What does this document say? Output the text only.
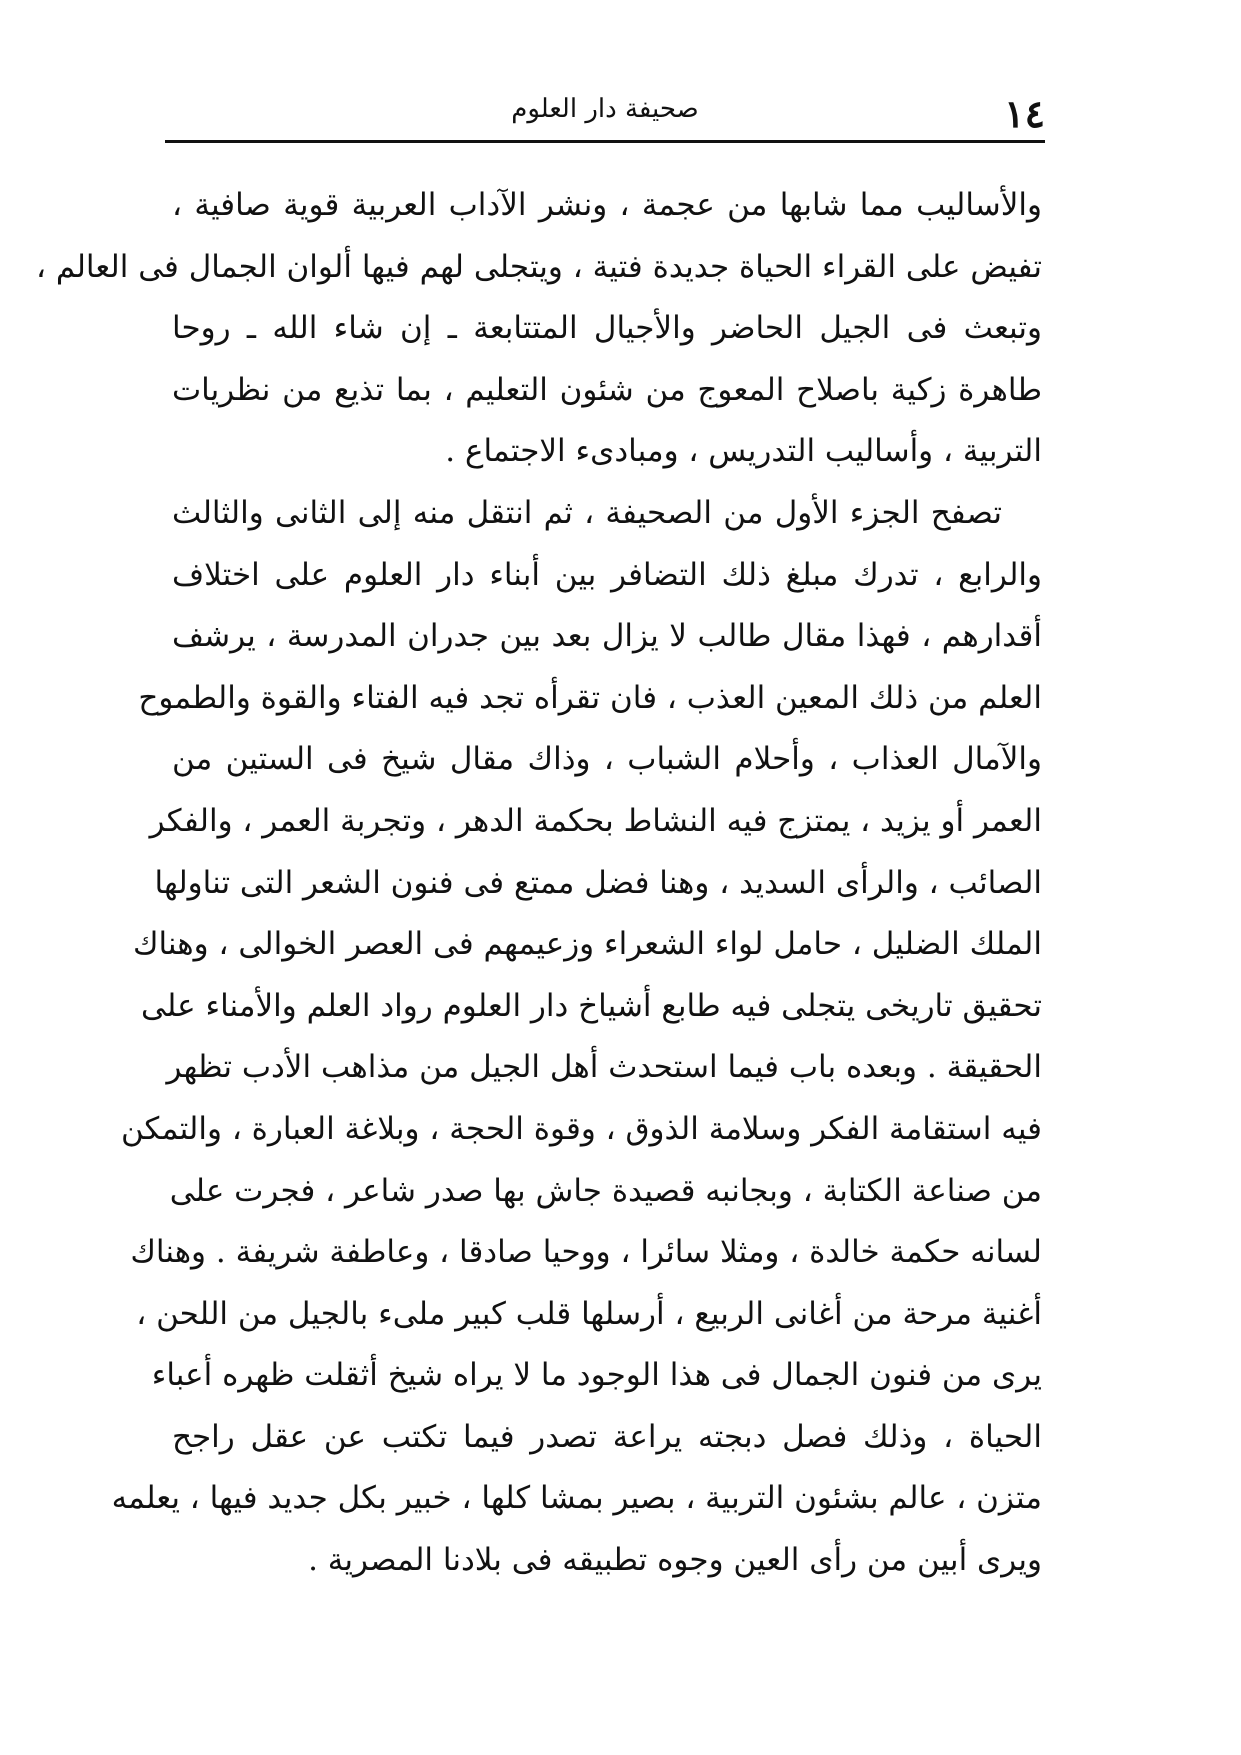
١٤
صحيفة دار العلوم
والأساليب مما شابها من عجمة ، ونشر الآداب العربية قوية صافية ،
تفيض على القراء الحياة جديدة فتية ، ويتجلى لهم فيها ألوان الجمال فى العالم ،
وتبعث فى الجيل الحاضر والأجيال المتتابعة ـ إن شاء الله ـ روحا
طاهرة زكية باصلاح المعوج من شئون التعليم ، بما تذيع من نظريات
التربية ، وأساليب التدريس ، ومبادىء الاجتماع .
تصفح الجزء الأول من الصحيفة ، ثم انتقل منه إلى الثانى والثالث
والرابع ، تدرك مبلغ ذلك التضافر بين أبناء دار العلوم على اختلاف
أقدارهم ، فهذا مقال طالب لا يزال بعد بين جدران المدرسة ، يرشف
العلم من ذلك المعين العذب ، فان تقرأه تجد فيه الفتاء والقوة والطموح
والآمال العذاب ، وأحلام الشباب ، وذاك مقال شيخ فى الستين من
العمر أو يزيد ، يمتزج فيه النشاط بحكمة الدهر ، وتجربة العمر ، والفكر
الصائب ، والرأى السديد ، وهنا فضل ممتع فى فنون الشعر التى تناولها
الملك الضليل ، حامل لواء الشعراء وزعيمهم فى العصر الخوالى ، وهناك
تحقيق تاريخى يتجلى فيه طابع أشياخ دار العلوم رواد العلم والأمناء على
الحقيقة . وبعده باب فيما استحدث أهل الجيل من مذاهب الأدب تظهر
فيه استقامة الفكر وسلامة الذوق ، وقوة الحجة ، وبلاغة العبارة ، والتمكن
من صناعة الكتابة ، وبجانبه قصيدة جاش بها صدر شاعر ، فجرت على
لسانه حكمة خالدة ، ومثلا سائرا ، ووحيا صادقا ، وعاطفة شريفة . وهناك
أغنية مرحة من أغانى الربيع ، أرسلها قلب كبير ملىء بالجيل من اللحن ،
يرى من فنون الجمال فى هذا الوجود ما لا يراه شيخ أثقلت ظهره أعباء
الحياة ، وذلك فصل دبجته يراعة تصدر فيما تكتب عن عقل راجح
متزن ، عالم بشئون التربية ، بصير بمشا كلها ، خبير بكل جديد فيها ، يعلمه
ويرى أبين من رأى العين وجوه تطبيقه فى بلادنا المصرية .
